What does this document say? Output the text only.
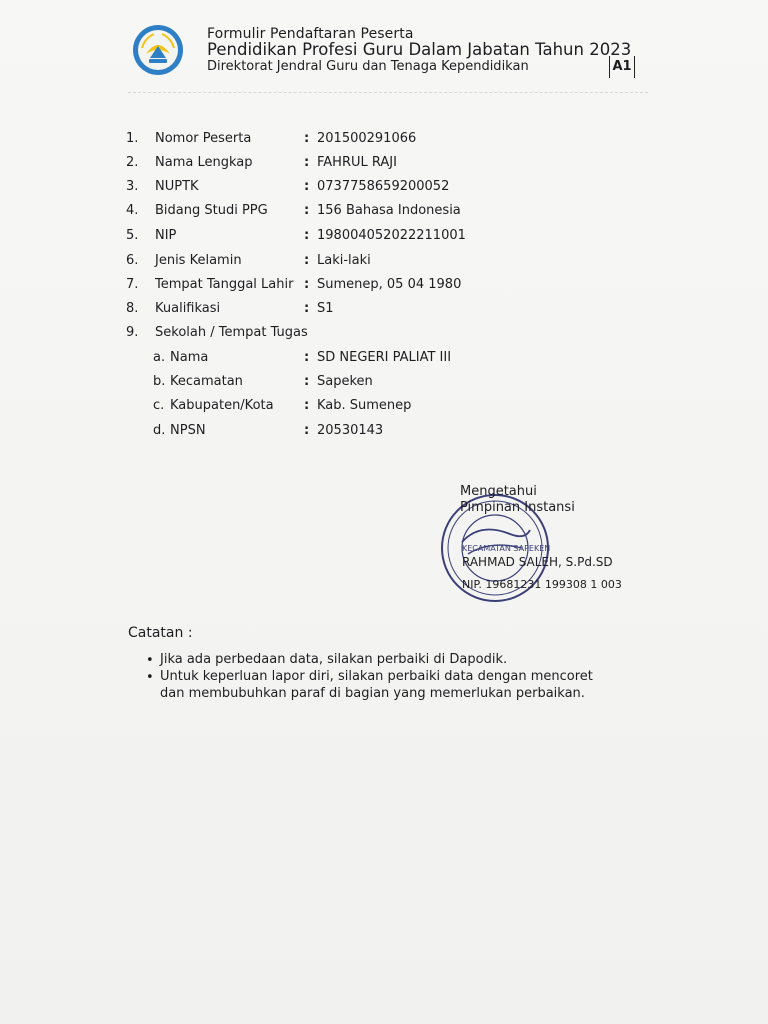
Formulir Pendaftaran Peserta
Pendidikan Profesi Guru Dalam Jabatan Tahun 2023
Direktorat Jendral Guru dan Tenaga Kependidikan	A1
1.	Nomor Peserta	: 201500291066
2.	Nama Lengkap	: FAHRUL RAJI
3.	NUPTK	: 0737758659200052
4.	Bidang Studi PPG	: 156 Bahasa Indonesia
5.	NIP	: 198004052022211001
6.	Jenis Kelamin	: Laki-laki
7.	Tempat Tanggal Lahir : Sumenep, 05 04 1980
8.	Kualifikasi	: S1
9.	Sekolah / Tempat Tugas
a. Nama	: SD NEGERI PALIAT III
b. Kecamatan	: Sapeken
c. Kabupaten/Kota : Kab. Sumenep
d. NPSN	: 20530143
Mengetahui
Pimpinan Instansi
KECAMATAN SAPEKEN
RAHMAD SALEH, S.Pd.SD
NIP. 19681231 199308 1 003
Catatan :
• Jika ada perbedaan data, silakan perbaiki di Dapodik.
• Untuk keperluan lapor diri, silakan perbaiki data dengan mencoret dan membubuhkan paraf di bagian yang memerlukan perbaikan.
